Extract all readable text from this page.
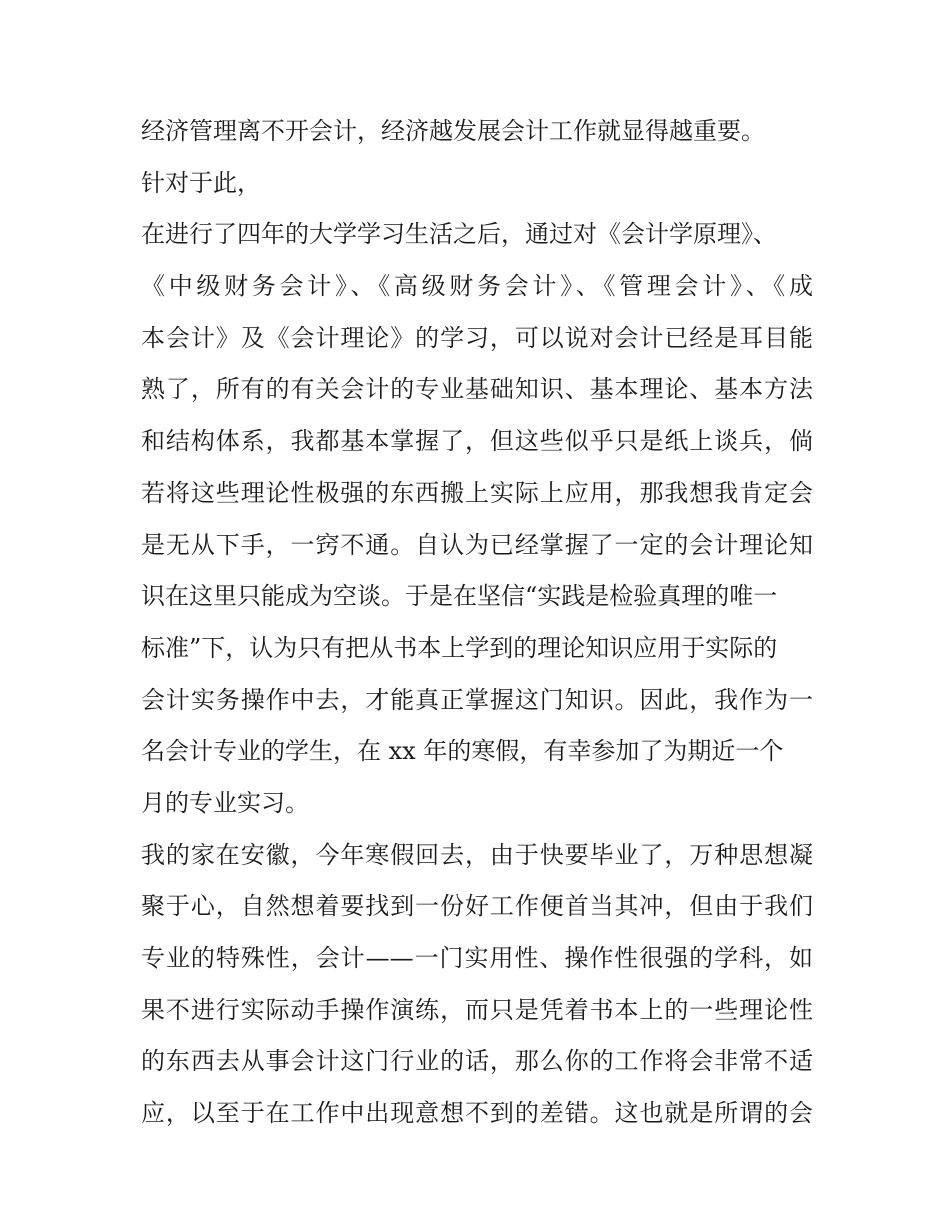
经济管理离不开会计，经济越发展会计工作就显得越重要。
针对于此，
在进行了四年的大学学习生活之后，通过对《会计学原理》、
《中级财务会计》、《高级财务会计》、《管理会计》、《成
本会计》及《会计理论》的学习，可以说对会计已经是耳目能
熟了，所有的有关会计的专业基础知识、基本理论、基本方法
和结构体系，我都基本掌握了，但这些似乎只是纸上谈兵，倘
若将这些理论性极强的东西搬上实际上应用，那我想我肯定会
是无从下手，一窍不通。自认为已经掌握了一定的会计理论知
识在这里只能成为空谈。于是在坚信“实践是检验真理的唯一
标准”下，认为只有把从书本上学到的理论知识应用于实际的
会计实务操作中去，才能真正掌握这门知识。因此，我作为一
名会计专业的学生，在 xx 年的寒假，有幸参加了为期近一个
月的专业实习。
我的家在安徽，今年寒假回去，由于快要毕业了，万种思想凝
聚于心，自然想着要找到一份好工作便首当其冲，但由于我们
专业的特殊性，会计——一门实用性、操作性很强的学科，如
果不进行实际动手操作演练，而只是凭着书本上的一些理论性
的东西去从事会计这门行业的话，那么你的工作将会非常不适
应，以至于在工作中出现意想不到的差错。这也就是所谓的会
